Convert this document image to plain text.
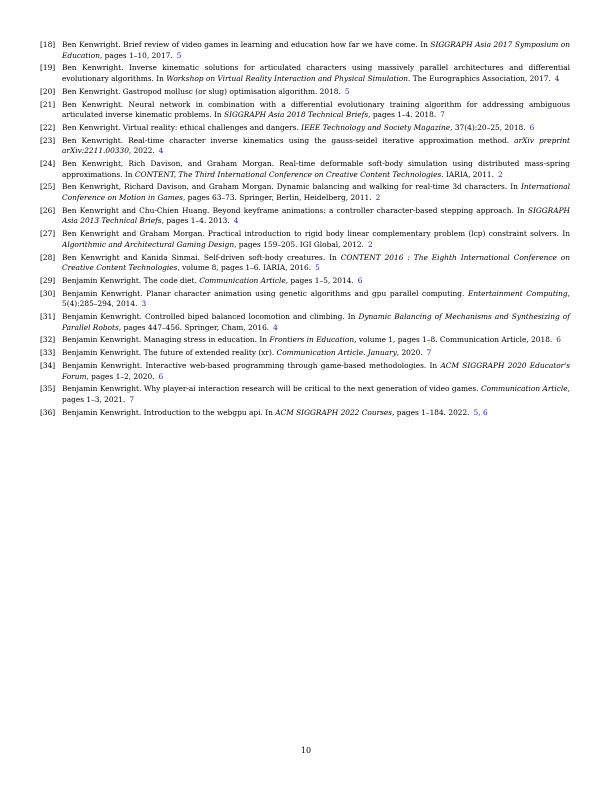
[18] Ben Kenwright. Brief review of video games in learning and education how far we have come. In SIGGRAPH Asia 2017 Symposium on Education, pages 1–10, 2017. 5
[19] Ben Kenwright. Inverse kinematic solutions for articulated characters using massively parallel architectures and differential evolutionary algorithms. In Workshop on Virtual Reality Interaction and Physical Simulation. The Eurographics Association, 2017. 4
[20] Ben Kenwright. Gastropod mollusc (or slug) optimisation algorithm. 2018. 5
[21] Ben Kenwright. Neural network in combination with a differential evolutionary training algorithm for addressing ambiguous articulated inverse kinematic problems. In SIGGRAPH Asia 2018 Technical Briefs, pages 1–4. 2018. 7
[22] Ben Kenwright. Virtual reality: ethical challenges and dangers. IEEE Technology and Society Magazine, 37(4):20–25, 2018. 6
[23] Ben Kenwright. Real-time character inverse kinematics using the gauss-seidel iterative approximation method. arXiv preprint arXiv:2211.00330, 2022. 4
[24] Ben Kenwright, Rich Davison, and Graham Morgan. Real-time deformable soft-body simulation using distributed mass-spring approximations. In CONTENT, The Third International Conference on Creative Content Technologies. IARIA, 2011. 2
[25] Ben Kenwright, Richard Davison, and Graham Morgan. Dynamic balancing and walking for real-time 3d characters. In International Conference on Motion in Games, pages 63–73. Springer, Berlin, Heidelberg, 2011. 2
[26] Ben Kenwright and Chu-Chien Huang. Beyond keyframe animations: a controller character-based stepping approach. In SIGGRAPH Asia 2013 Technical Briefs, pages 1–4. 2013. 4
[27] Ben Kenwright and Graham Morgan. Practical introduction to rigid body linear complementary problem (lcp) constraint solvers. In Algorithmic and Architectural Gaming Design, pages 159–205. IGI Global, 2012. 2
[28] Ben Kenwright and Kanida Sinmai. Self-driven soft-body creatures. In CONTENT 2016 : The Eighth International Conference on Creative Content Technologies, volume 8, pages 1–6. IARIA, 2016. 5
[29] Benjamin Kenwright. The code diet. Communication Article, pages 1–5, 2014. 6
[30] Benjamin Kenwright. Planar character animation using genetic algorithms and gpu parallel computing. Entertainment Computing, 5(4):285–294, 2014. 3
[31] Benjamin Kenwright. Controlled biped balanced locomotion and climbing. In Dynamic Balancing of Mechanisms and Synthesizing of Parallel Robots, pages 447–456. Springer, Cham, 2016. 4
[32] Benjamin Kenwright. Managing stress in education. In Frontiers in Education, volume 1, pages 1–8. Communication Article, 2018. 6
[33] Benjamin Kenwright. The future of extended reality (xr). Communication Article. January, 2020. 7
[34] Benjamin Kenwright. Interactive web-based programming through game-based methodologies. In ACM SIGGRAPH 2020 Educator's Forum, pages 1–2, 2020. 6
[35] Benjamin Kenwright. Why player-ai interaction research will be critical to the next generation of video games. Communication Article, pages 1–3, 2021. 7
[36] Benjamin Kenwright. Introduction to the webgpu api. In ACM SIGGRAPH 2022 Courses, pages 1–184. 2022. 5, 6
10
